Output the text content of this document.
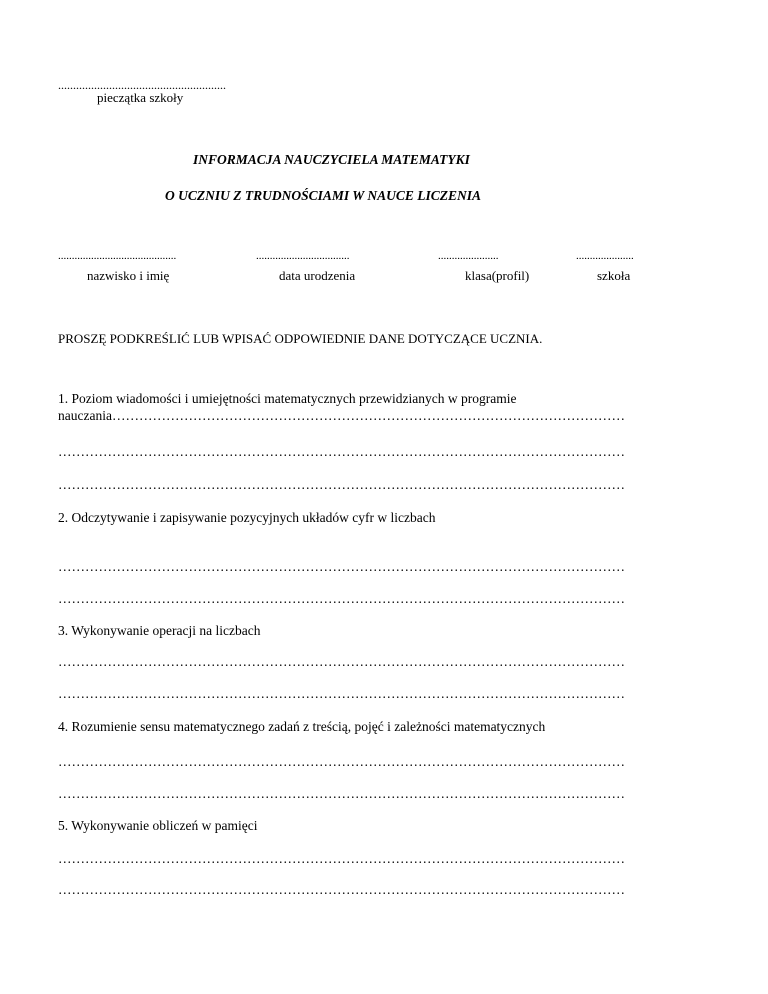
........................................................
pieczątka szkoły
INFORMACJA NAUCZYCIELA MATEMATYKI
O UCZNIU Z TRUDNOŚCIAMI W NAUCE LICZENIA
...........................................
nazwisko i imię
..................................
data urodzenia
......................
klasa(profil)
.....................
szkoła
PROSZĘ PODKREŚLIĆ LUB WPISAĆ ODPOWIEDNIE DANE DOTYCZĄCE UCZNIA.
1. Poziom wiadomości i umiejętności matematycznych przewidzianych w programie
nauczania……………………………………………………………………………………………………
………………………………………………………………………………………………………………
………………………………………………………………………………………………………………
2. Odczytywanie i zapisywanie pozycyjnych układów cyfr w liczbach
………………………………………………………………………………………………………………
………………………………………………………………………………………………………………
3. Wykonywanie operacji na liczbach
………………………………………………………………………………………………………………
………………………………………………………………………………………………………………
4. Rozumienie sensu matematycznego zadań z treścią, pojęć i zależności matematycznych
………………………………………………………………………………………………………………
………………………………………………………………………………………………………………
5. Wykonywanie obliczeń w pamięci
………………………………………………………………………………………………………………
………………………………………………………………………………………………………………
